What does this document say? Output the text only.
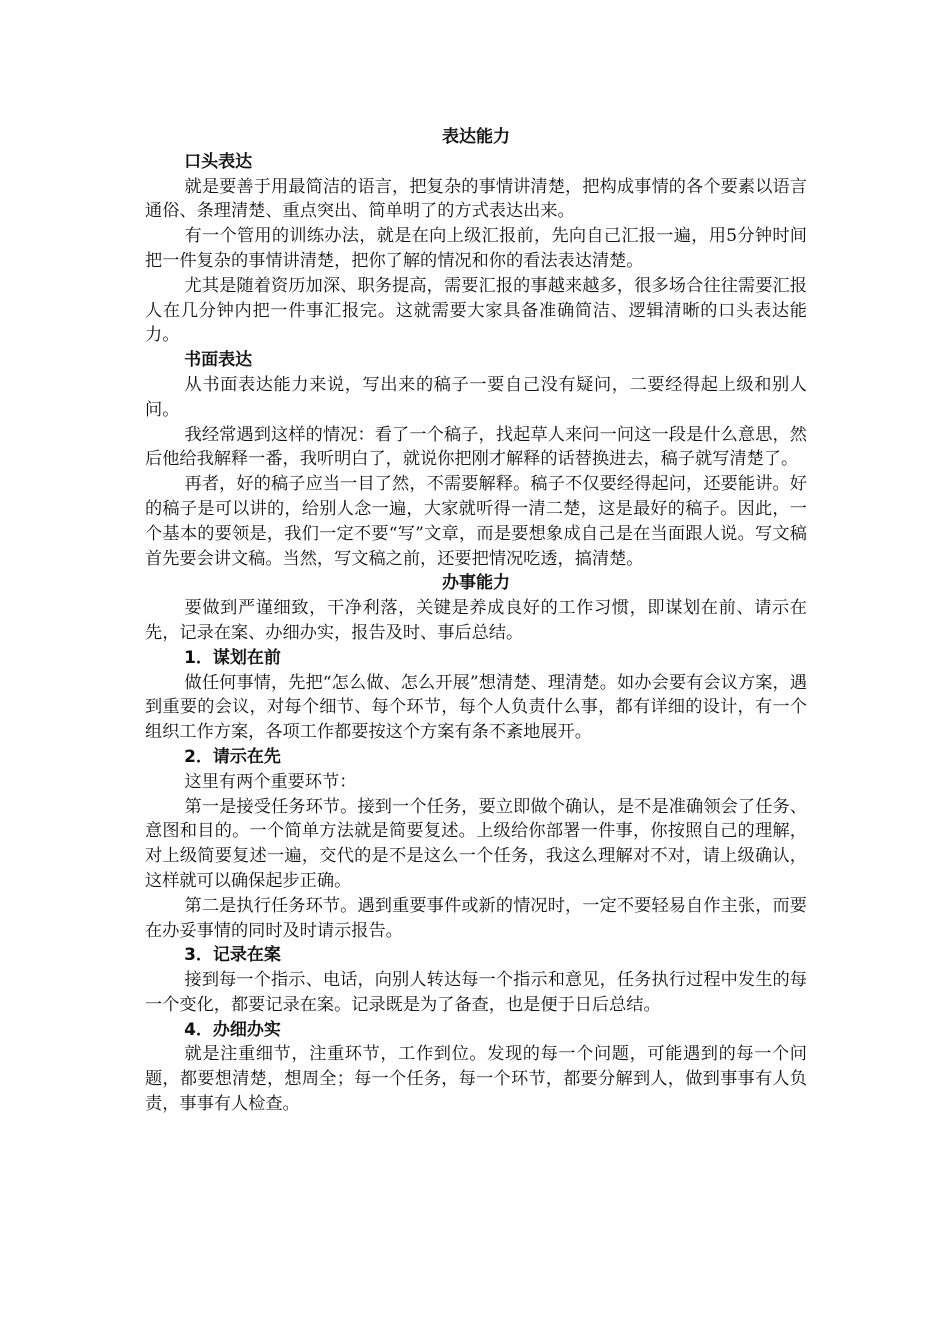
表达能力

口头表达

就是要善于用最简洁的语言，把复杂的事情讲清楚，把构成事情的各个要素以语言通俗、条理清楚、重点突出、简单明了的方式表达出来。

有一个管用的训练办法，就是在向上级汇报前，先向自己汇报一遍，用5分钟时间把一件复杂的事情讲清楚，把你了解的情况和你的看法表达清楚。

尤其是随着资历加深、职务提高，需要汇报的事越来越多，很多场合往往需要汇报人在几分钟内把一件事汇报完。这就需要大家具备准确简洁、逻辑清晰的口头表达能力。

书面表达

从书面表达能力来说，写出来的稿子一要自己没有疑问，二要经得起上级和别人问。

我经常遇到这样的情况：看了一个稿子，找起草人来问一问这一段是什么意思，然后他给我解释一番，我听明白了，就说你把刚才解释的话替换进去，稿子就写清楚了。

再者，好的稿子应当一目了然，不需要解释。稿子不仅要经得起问，还要能讲。好的稿子是可以讲的，给别人念一遍，大家就听得一清二楚，这是最好的稿子。因此，一个基本的要领是，我们一定不要“写”文章，而是要想象成自己是在当面跟人说。写文稿首先要会讲文稿。当然，写文稿之前，还要把情况吃透，搞清楚。

办事能力

要做到严谨细致，干净利落，关键是养成良好的工作习惯，即谋划在前、请示在先，记录在案、办细办实，报告及时、事后总结。

1．谋划在前

做任何事情，先把“怎么做、怎么开展”想清楚、理清楚。如办会要有会议方案，遇到重要的会议，对每个细节、每个环节，每个人负责什么事，都有详细的设计，有一个组织工作方案，各项工作都要按这个方案有条不紊地展开。

2．请示在先

这里有两个重要环节：

第一是接受任务环节。接到一个任务，要立即做个确认，是不是准确领会了任务、意图和目的。一个简单方法就是简要复述。上级给你部署一件事，你按照自己的理解，对上级简要复述一遍，交代的是不是这么一个任务，我这么理解对不对，请上级确认，这样就可以确保起步正确。

第二是执行任务环节。遇到重要事件或新的情况时，一定不要轻易自作主张，而要在办妥事情的同时及时请示报告。

3．记录在案

接到每一个指示、电话，向别人转达每一个指示和意见，任务执行过程中发生的每一个变化，都要记录在案。记录既是为了备查，也是便于日后总结。

4．办细办实

就是注重细节，注重环节，工作到位。发现的每一个问题，可能遇到的每一个问题，都要想清楚，想周全；每一个任务，每一个环节，都要分解到人，做到事事有人负责，事事有人检查。
